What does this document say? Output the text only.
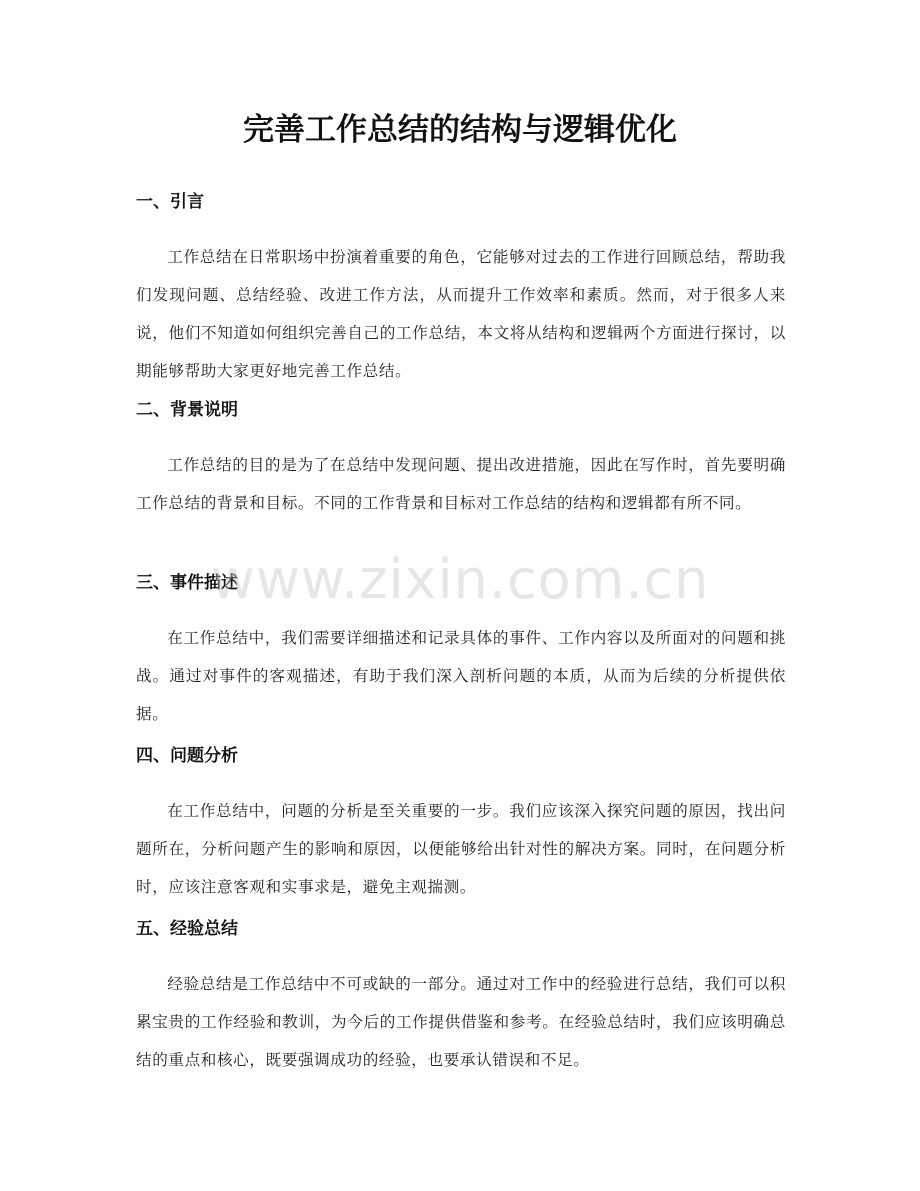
完善工作总结的结构与逻辑优化
一、引言

工作总结在日常职场中扮演着重要的角色，它能够对过去的工作进行回顾总结，帮助我们发现问题、总结经验、改进工作方法，从而提升工作效率和素质。然而，对于很多人来说，他们不知道如何组织完善自己的工作总结，本文将从结构和逻辑两个方面进行探讨，以期能够帮助大家更好地完善工作总结。

二、背景说明

工作总结的目的是为了在总结中发现问题、提出改进措施，因此在写作时，首先要明确工作总结的背景和目标。不同的工作背景和目标对工作总结的结构和逻辑都有所不同。

三、事件描述

在工作总结中，我们需要详细描述和记录具体的事件、工作内容以及所面对的问题和挑战。通过对事件的客观描述，有助于我们深入剖析问题的本质，从而为后续的分析提供依据。

四、问题分析

在工作总结中，问题的分析是至关重要的一步。我们应该深入探究问题的原因，找出问题所在，分析问题产生的影响和原因，以便能够给出针对性的解决方案。同时，在问题分析时，应该注意客观和实事求是，避免主观揣测。

五、经验总结

经验总结是工作总结中不可或缺的一部分。通过对工作中的经验进行总结，我们可以积累宝贵的工作经验和教训，为今后的工作提供借鉴和参考。在经验总结时，我们应该明确总结的重点和核心，既要强调成功的经验，也要承认错误和不足。

www.zixin.com.cn
